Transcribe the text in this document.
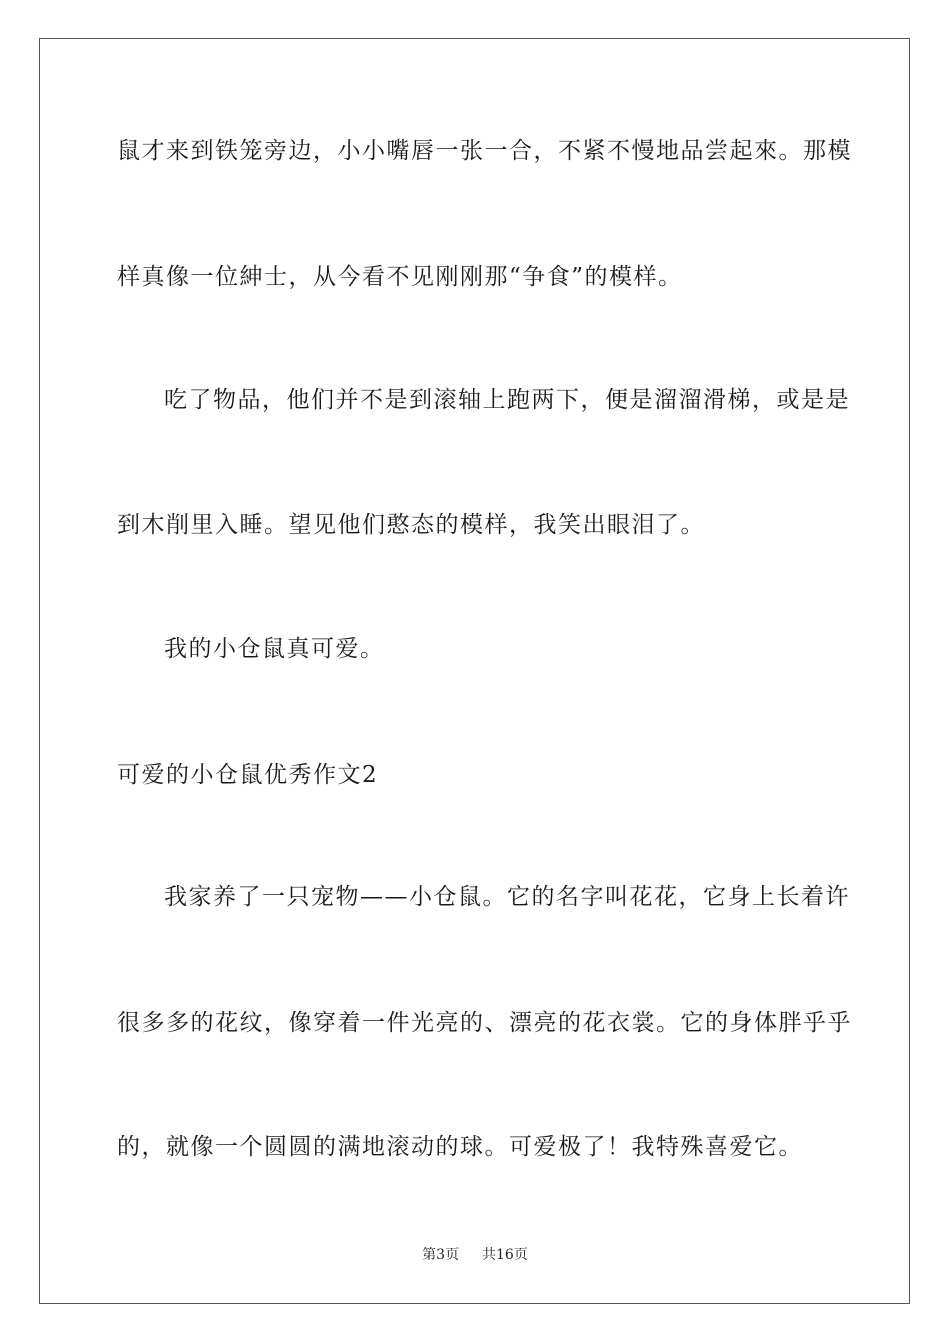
鼠才来到铁笼旁边，小小嘴唇一张一合，不紧不慢地品尝起來。那模
样真像一位紳士，从今看不见刚刚那“争食”的模样。
吃了物品，他们并不是到滚轴上跑两下，便是溜溜滑梯，或是是
到木削里入睡。望见他们憨态的模样，我笑出眼泪了。
我的小仓鼠真可爱。
可爱的小仓鼠优秀作文2
我家养了一只宠物——小仓鼠。它的名字叫花花，它身上长着许
很多多的花纹，像穿着一件光亮的、漂亮的花衣裳。它的身体胖乎乎
的，就像一个圆圆的满地滚动的球。可爱极了！我特殊喜爱它。
第3页 共16页
